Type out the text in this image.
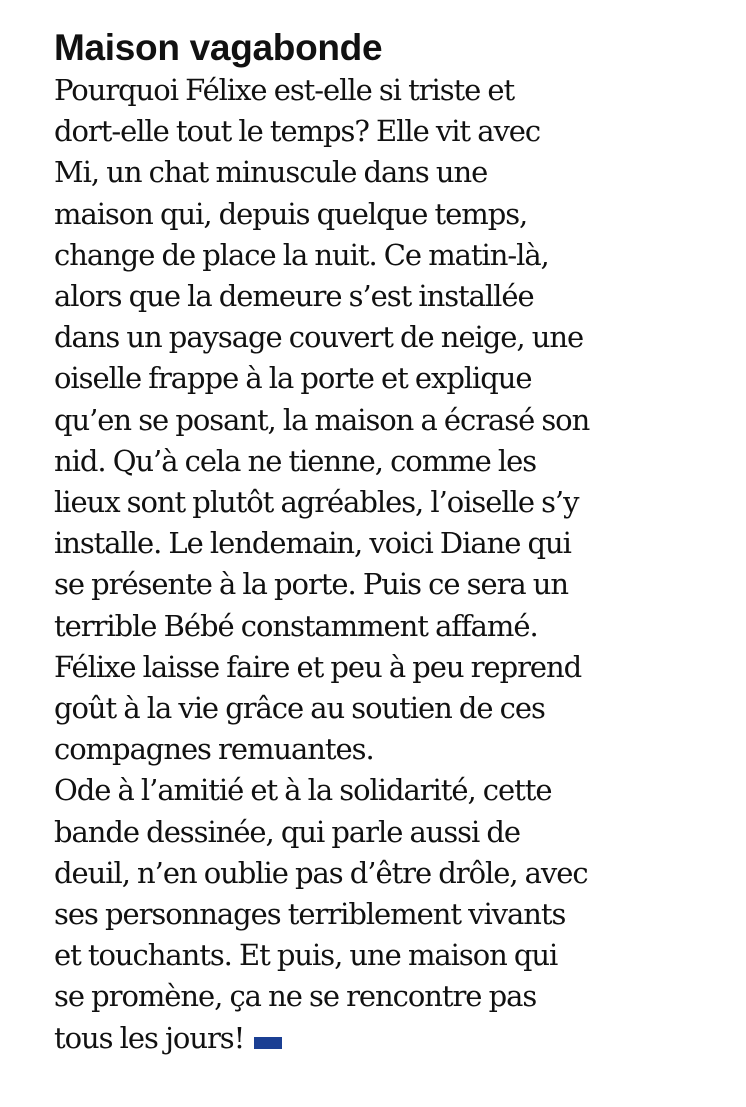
Maison vagabonde

Pourquoi Félixe est-elle si triste et
dort-elle tout le temps? Elle vit avec
Mi, un chat minuscule dans une
maison qui, depuis quelque temps,
change de place la nuit. Ce matin-là,
alors que la demeure s’est installée
dans un paysage couvert de neige, une
oiselle frappe à la porte et explique
qu’en se posant, la maison a écrasé son
nid. Qu’à cela ne tienne, comme les
lieux sont plutôt agréables, l’oiselle s’y
installe. Le lendemain, voici Diane qui
se présente à la porte. Puis ce sera un
terrible Bébé constamment affamé.
Félixe laisse faire et peu à peu reprend
goût à la vie grâce au soutien de ces
compagnes remuantes.

Ode à l’amitié et à la solidarité, cette
bande dessinée, qui parle aussi de
deuil, n’en oublie pas d’être drôle, avec
ses personnages terriblement vivants
et touchants. Et puis, une maison qui
se promène, ça ne se rencontre pas
tous les jours!
